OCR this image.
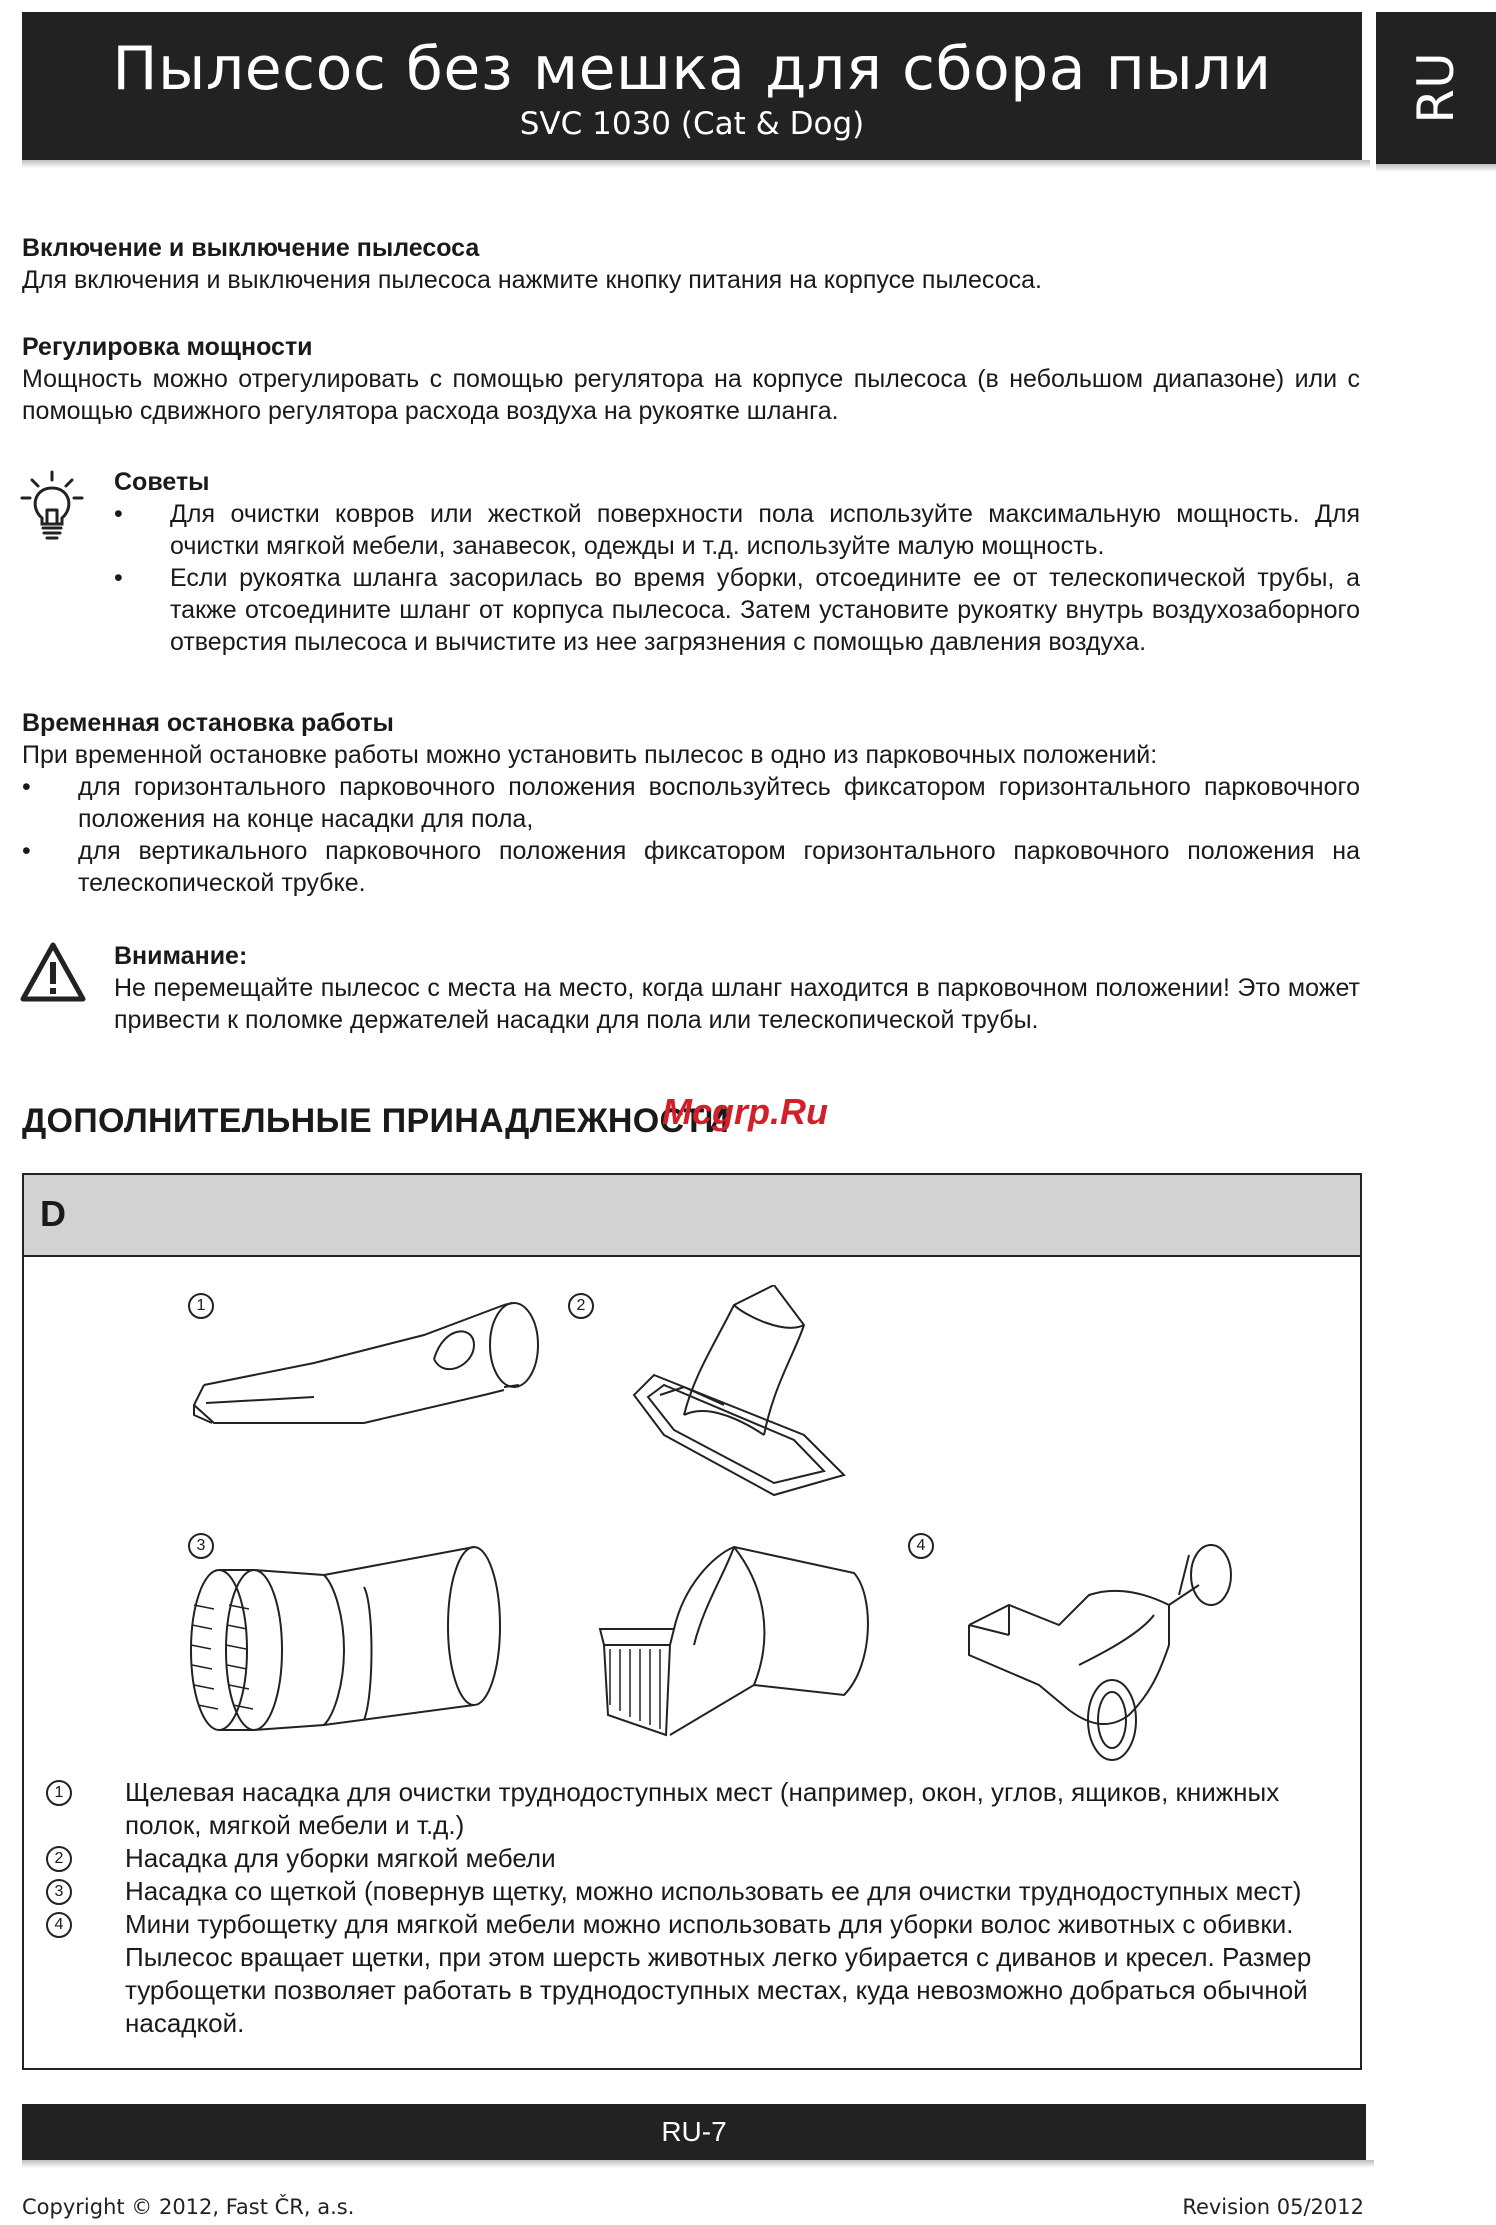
Пылесос без мешка для сбора пыли
SVC 1030 (Cat & Dog)
RU

Включение и выключение пылесоса

Для включения и выключения пылесоса нажмите кнопку питания на корпусе пылесоса.

Регулировка мощности

Мощность можно отрегулировать с помощью регулятора на корпусе пылесоса (в небольшом диапазоне) или с помощью сдвижного регулятора расхода воздуха на рукоятке шланга.

Советы

• Для очистки ковров или жесткой поверхности пола используйте максимальную мощность. Для очистки мягкой мебели, занавесок, одежды и т.д. используйте малую мощность.

• Если рукоятка шланга засорилась во время уборки, отсоедините ее от телескопической трубы, а также отсоедините шланг от корпуса пылесоса. Затем установите рукоятку внутрь воздухозаборного отверстия пылесоса и вычистите из нее загрязнения с помощью давления воздуха.

Временная остановка работы

При временной остановке работы можно установить пылесос в одно из парковочных положений:

• для горизонтального парковочного положения воспользуйтесь фиксатором горизонтального парковочного положения на конце насадки для пола,

• для вертикального парковочного положения фиксатором горизонтального парковочного положения на телескопической трубке.

Внимание:

Не перемещайте пылесос с места на место, когда шланг находится в парковочном положении! Это может привести к поломке держателей насадки для пола или телескопической трубы.

ДОПОЛНИТЕЛЬНЫЕ ПРИНАДЛЕЖНОСТИ
Mcgrp.Ru
D
1	2
3	4

1	Щелевая насадка для очистки труднодоступных мест (например, окон, углов, ящиков, книжных полок, мягкой мебели и т.д.)

2	Насадка для уборки мягкой мебели

3	Насадка со щеткой (повернув щетку, можно использовать ее для очистки труднодоступных мест)

4	Мини турбощетку для мягкой мебели можно использовать для уборки волос животных с обивки. Пылесос вращает щетки, при этом шерсть животных легко убирается с диванов и кресел. Размер турбощетки позволяет работать в труднодоступных местах, куда невозможно добраться обычной насадкой.

RU-7
Copyright © 2012, Fast ČR, a.s.	Revision 05/2012
